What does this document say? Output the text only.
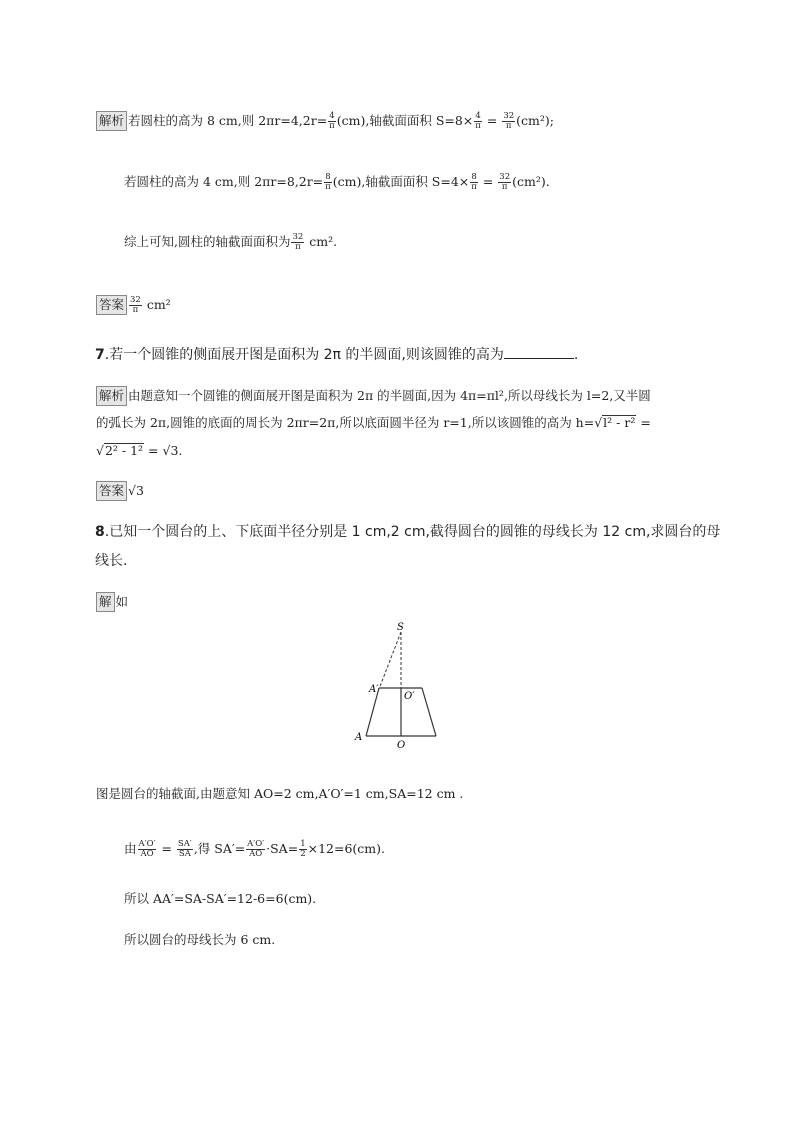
解析 若圆柱的高为 8 cm,则 $2\pi r=4,2r= \frac{4}{\pi} (cm)$,轴截面面积 $S=8\times \frac{4}{\pi} = \frac{32}{\pi} (cm^2)$;
若圆柱的高为 4 cm,则 $2\pi r=8,2r= \frac{8}{\pi} (cm)$,轴截面面积 $S=4\times \frac{8}{\pi} = \frac{32}{\pi} (cm^2)$.
综上可知,圆柱的轴截面面积为 $\frac{32}{\pi} cm^2$.
答案 $\frac{32}{\pi} cm^2$
7.若一个圆锥的侧面展开图是面积为 2π 的半圆面,则该圆锥的高为	.
解析 由题意知一个圆锥的侧面展开图是面积为 2π 的半圆面,因为 4π=πl²,所以母线长为 l=2,又半圆
的弧长为 2π,圆锥的底面的周长为 2πr=2π,所以底面圆半径为 r=1,所以该圆锥的高为 h=√l² - r² =
√2² - 1² = √3.
答案 √3
8.已知一个圆台的上、下底面半径分别是 1 cm,2 cm,截得圆台的圆锥的母线长为 12 cm,求圆台的母
线长.
解 如
S
A′
O′
A
O
图是圆台的轴截面,由题意知 AO=2 cm,A′O′=1 cm,SA=12 cm .
由 $\frac{A'O'}{AO} = \frac{SA'}{SA}$ ,得 $SA'= \frac{A'O'}{AO} \cdot SA= \frac{1}{2} \times 12=6(cm)$.
所以 AA′=SA-SA′=12-6=6(cm).
所以圆台的母线长为 6 cm.
